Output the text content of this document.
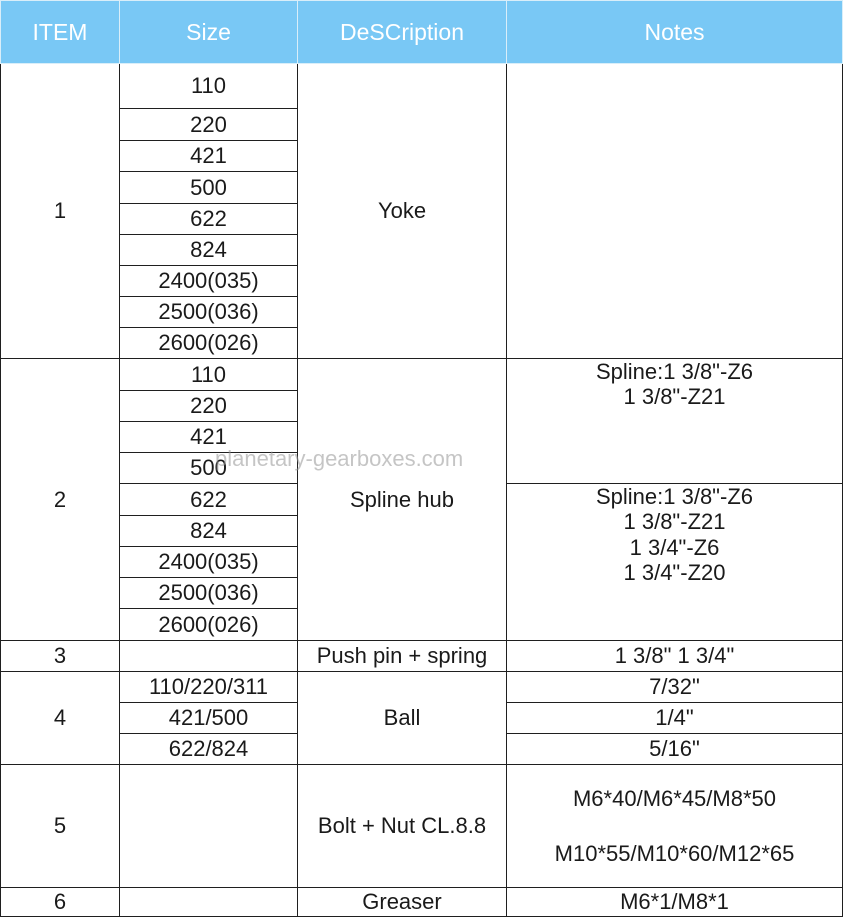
ITEM	Size	DeSCription	Notes
1	110	Yoke	
	220		
	421		
	500		
	622		
	824		
	2400(035)		
	2500(036)		
	2600(026)		
2	110	Spline hub	Spline:1 3/8"-Z6
1 3/8"-Z21

	220		
	421		
	500		
	622		Spline:1 3/8"-Z6
1 3/8"-Z21
1 3/4"-Z6
1 3/4"-Z20

	824		
	2400(035)		
	2500(036)		
	2600(026)		
3		Push pin + spring	1 3/8" 1 3/4"
4	110/220/311	Ball	7/32"
	421/500		1/4"
	622/824		5/16"
5		Bolt + Nut CL.8.8	M6*40/M6*45/M8*50
M10*55/M10*60/M12*65

6		Greaser	M6*1/M8*1
planetary-gearboxes.com
